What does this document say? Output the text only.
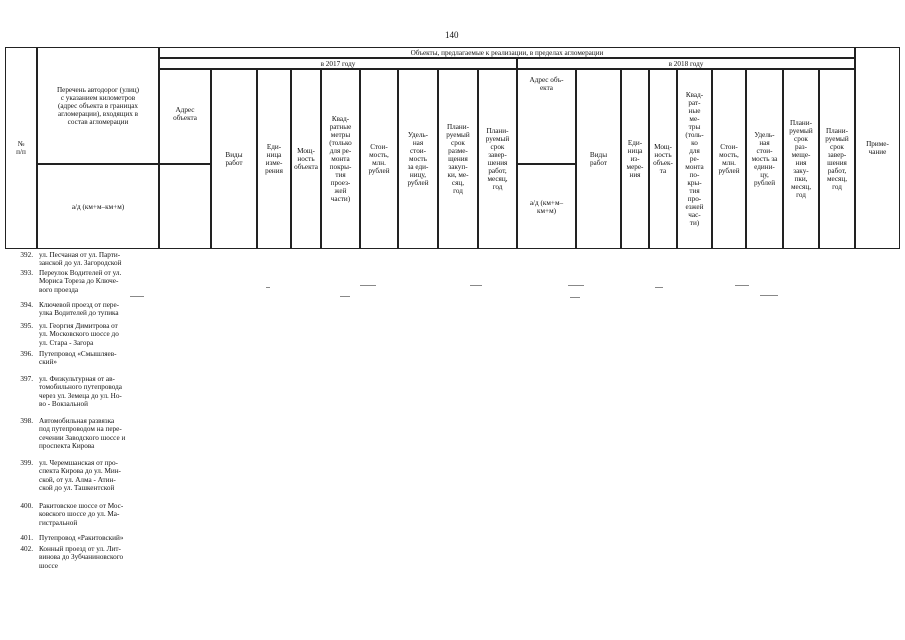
140
№
п/п
Перечень автодорог (улиц)
с указанием километров
(адрес объекта в границах
агломерации), входящих в
состав агломерации
а/д (км+м–км+м)
Объекты, предлагаемые к реализации, в пределах агломерации
в 2017 году	в 2018 году
Адрес
объекта
Виды
работ
Еди-
ница
изме-
рения
Мощ-
ность
объекта
Квад-
ратные
метры
(только
для ре-
монта
покры-
тия
проез-
жей
части)
Стои-
мость,
млн.
рублей
Удель-
ная
стои-
мость
за еди-
ницу,
рублей
Плани-
руемый
срок
разме-
щения
закуп-
ки, ме-
сяц,
год
Плани-
руемый
срок
завер-
шения
работ,
месяц,
год
Адрес объ-
екта
а/д (км+м–
км+м)
Виды
работ
Еди-
ница
из-
мере-
ния
Мощ-
ность
объек-
та
Квад-
рат-
ные
ме-
тры
(толь-
ко
для
ре-
монта
по-
кры-
тия
про-
езжей
час-
ти)
Стои-
мость,
млн.
рублей
Удель-
ная
стои-
мость за
едини-
цу,
рублей
Плани-
руемый
срок
раз-
меще-
ния
заку-
пки,
месяц,
год
Плани-
руемый
срок
завер-
шения
работ,
месяц,
год
Приме-
чание
392. ул. Песчаная от ул. Парти-
занской до ул. Загородской
393. Переулок Водителей от ул.
Мориса Тореза до Ключе-
вого проезда
394. Ключевой проезд от пере-
улка Водителей до тупика
395. ул. Георгия Димитрова от
ул. Московского шоссе до
ул. Стара - Загора
396. Путепровод «Смышляев-
ский»
397. ул. Физкультурная от ав-
томобильного путепровода
через ул. Земеца до ул. Но-
во - Вокзальной
398. Автомобильная развязка
под путепроводом на пере-
сечении Заводского шоссе и
проспекта Кирова
399. ул. Черемшанская от про-
спекта Кирова до ул. Мин-
ской, от ул. Алма - Атин-
ской до ул. Ташкентской
400. Ракитовское шоссе от Мос-
ковского шоссе до ул. Ма-
гистральной
401. Путепровод «Ракитовский»
402. Конный проезд от ул. Лит-
винова до Зубчаниновского
шоссе
